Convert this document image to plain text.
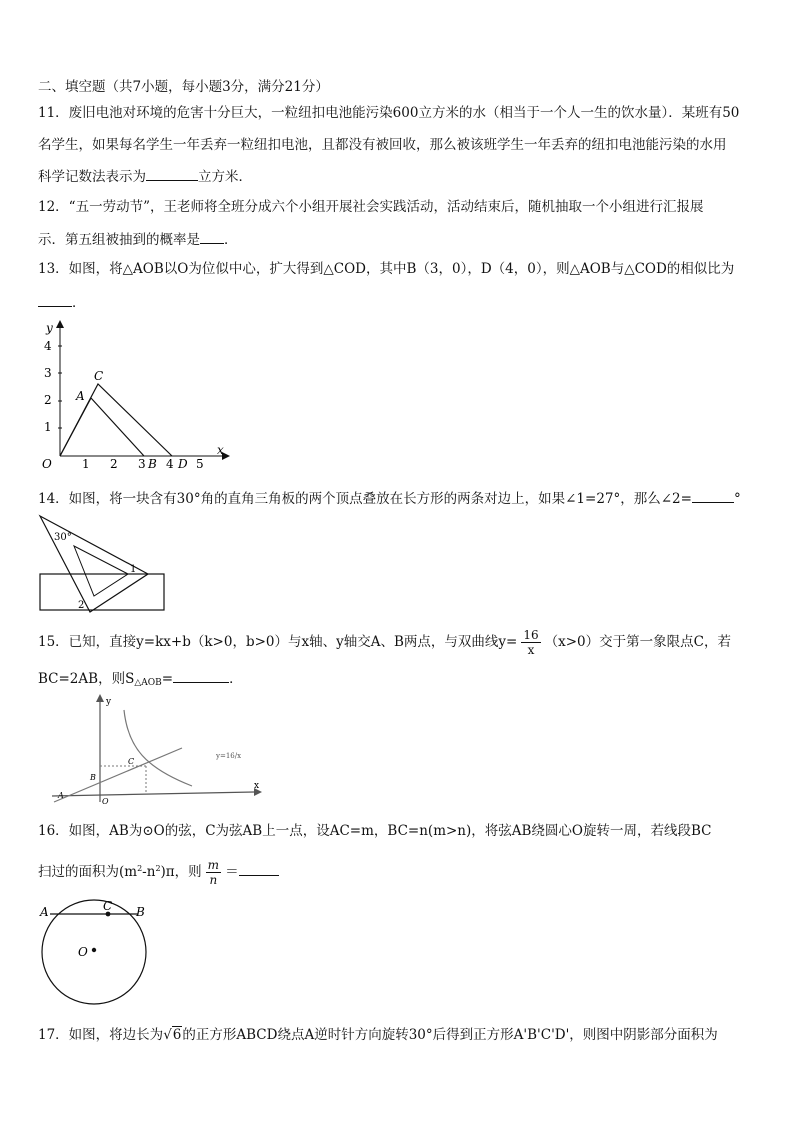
二、填空题（共7小题，每小题3分，满分21分）
11．废旧电池对环境的危害十分巨大，一粒纽扣电池能污染600立方米的水（相当于一个人一生的饮水量）．某班有50
名学生，如果每名学生一年丢弃一粒纽扣电池，且都没有被回收，那么被该班学生一年丢弃的纽扣电池能污染的水用
科学记数法表示为	立方米．
12．“五一劳动节”，王老师将全班分成六个小组开展社会实践活动，活动结束后，随机抽取一个小组进行汇报展
示．第五组被抽到的概率是 ．
13．如图，将△AOB以O为位似中心，扩大得到△COD，其中B（3，0），D（4，0），则△AOB与△COD的相似比为
．
y
x
O
4
3
2
1
1 2 3 4 5
A
C
B D
14．如图，将一块含有30°角的直角三角板的两个顶点叠放在长方形的两条对边上，如果∠1=27°，那么∠2=	°
30°
1
2
15．已知，直接y=kx+b（k>0，b>0）与x轴、y轴交A、B两点，与双曲线$y= \frac{16}{x} (x>0)$交于第一象限点C，若
BC=2AB，则$S_{\triangle AOB}=$	．
y
x
B
C
A
O
y=16/x
16．如图，AB为⊙O的弦，C为弦AB上一点，设AC=m，BC=n(m>n)，将弦AB绕圆心O旋转一周，若线段BC
扫过的面积为$(m^2-n^2)\pi$，则 $\frac{m}{n}$ ＝
A	B
C
O
17．如图，将边长为√6的正方形ABCD绕点A逆时针方向旋转30°后得到正方形A'B'C'D'，则图中阴影部分面积为
